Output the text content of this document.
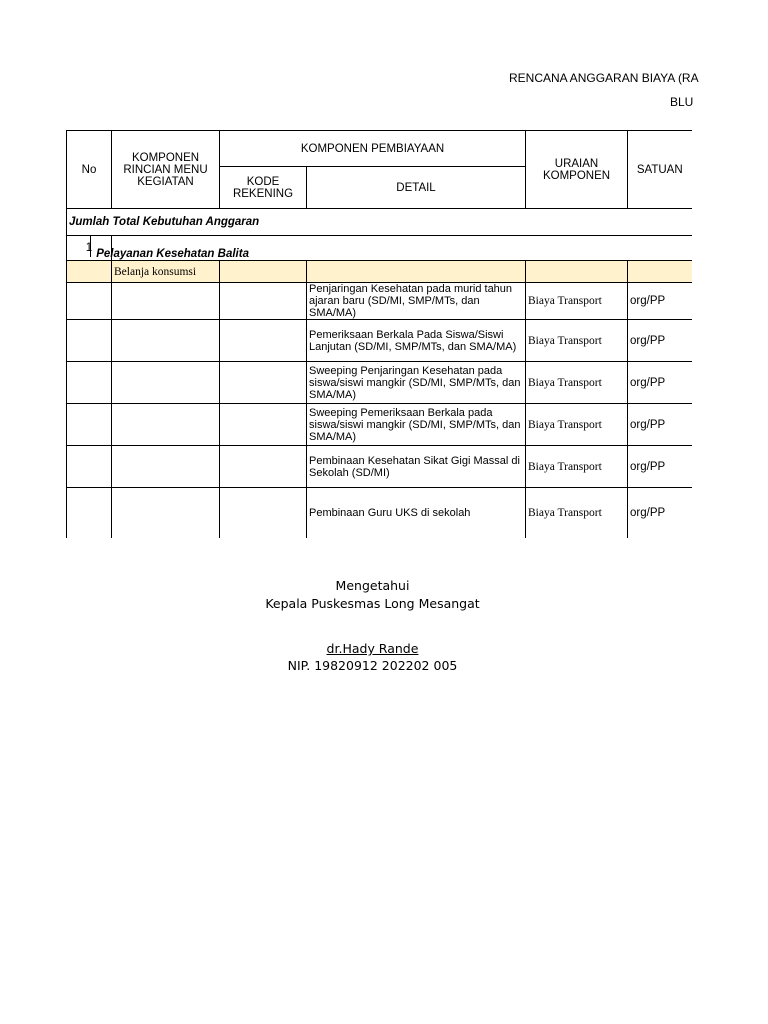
RENCANA ANGGARAN BIAYA (RA
BLU
No	KOMPONEN RINCIAN MENU KEGIATAN	KOMPONEN PEMBIAYAAN		URAIAN KOMPONEN	SATUAN
		KODE REKENING	DETAIL		
Jumlah Total Kebutuhan Anggaran					
1	Pelayanan Kesehatan Balita				
	Belanja konsumsi				
			Penjaringan Kesehatan pada murid tahun ajaran baru (SD/MI, SMP/MTs, dan SMA/MA)	Biaya Transport	org/PP
			Pemeriksaan Berkala Pada Siswa/Siswi Lanjutan (SD/MI, SMP/MTs, dan SMA/MA)	Biaya Transport	org/PP
			Sweeping Penjaringan Kesehatan pada siswa/siswi mangkir (SD/MI, SMP/MTs, dan SMA/MA)	Biaya Transport	org/PP
			Sweeping Pemeriksaan Berkala pada siswa/siswi mangkir (SD/MI, SMP/MTs, dan SMA/MA)	Biaya Transport	org/PP
			Pembinaan Kesehatan Sikat Gigi Massal di Sekolah (SD/MI)	Biaya Transport	org/PP
			Pembinaan Guru UKS di sekolah	Biaya Transport	org/PP
Mengetahui
Kepala Puskesmas Long Mesangat
dr.Hady Rande
NIP. 19820912 202202 005
